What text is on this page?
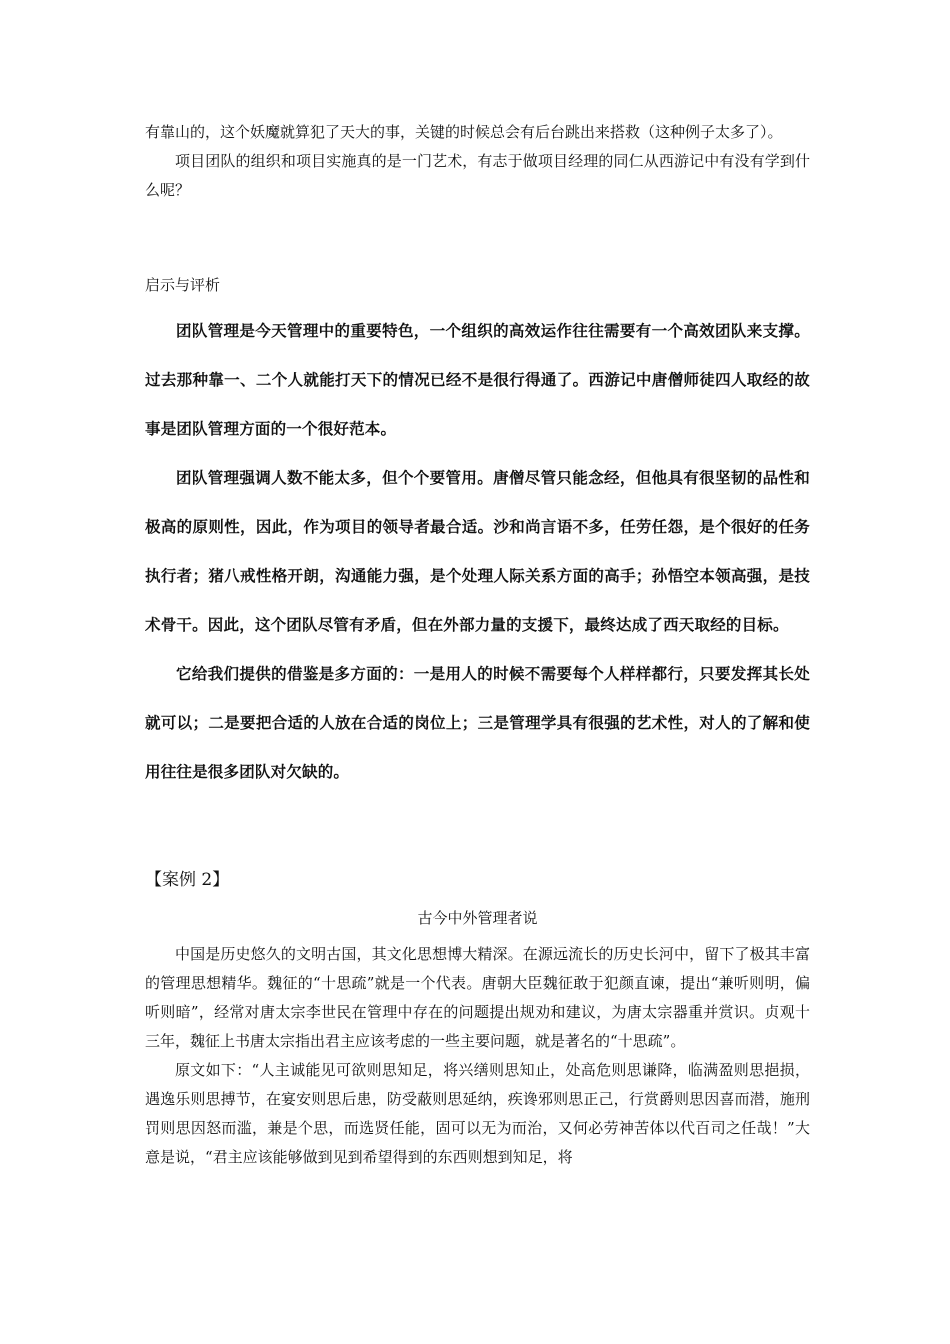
有靠山的，这个妖魔就算犯了天大的事，关键的时候总会有后台跳出来搭救（这种例子太多了）。

项目团队的组织和项目实施真的是一门艺术，有志于做项目经理的同仁从西游记中有没有学到什么呢？

启示与评析

团队管理是今天管理中的重要特色，一个组织的高效运作往往需要有一个高效团队来支撑。过去那种靠一、二个人就能打天下的情况已经不是很行得通了。西游记中唐僧师徒四人取经的故事是团队管理方面的一个很好范本。

团队管理强调人数不能太多，但个个要管用。唐僧尽管只能念经，但他具有很坚韧的品性和极高的原则性，因此，作为项目的领导者最合适。沙和尚言语不多，任劳任怨，是个很好的任务执行者；猪八戒性格开朗，沟通能力强，是个处理人际关系方面的高手；孙悟空本领高强，是技术骨干。因此，这个团队尽管有矛盾，但在外部力量的支援下，最终达成了西天取经的目标。

它给我们提供的借鉴是多方面的：一是用人的时候不需要每个人样样都行，只要发挥其长处就可以；二是要把合适的人放在合适的岗位上；三是管理学具有很强的艺术性，对人的了解和使用往往是很多团队对欠缺的。

【案例 2】

古今中外管理者说

中国是历史悠久的文明古国，其文化思想博大精深。在源远流长的历史长河中，留下了极其丰富的管理思想精华。魏征的“十思疏”就是一个代表。唐朝大臣魏征敢于犯颜直谏，提出“兼听则明，偏听则暗”，经常对唐太宗李世民在管理中存在的问题提出规劝和建议，为唐太宗器重并赏识。贞观十三年，魏征上书唐太宗指出君主应该考虑的一些主要问题，就是著名的“十思疏”。

原文如下：“人主诚能见可欲则思知足，将兴缮则思知止，处高危则思谦降，临满盈则思挹损，遇逸乐则思搏节，在宴安则思后患，防受蔽则思延纳，疾谗邪则思正己，行赏爵则思因喜而潜，施刑罚则思因怒而滥，兼是个思，而选贤任能，固可以无为而治，又何必劳神苦体以代百司之任哉！”大意是说，“君主应该能够做到见到希望得到的东西则想到知足，将
